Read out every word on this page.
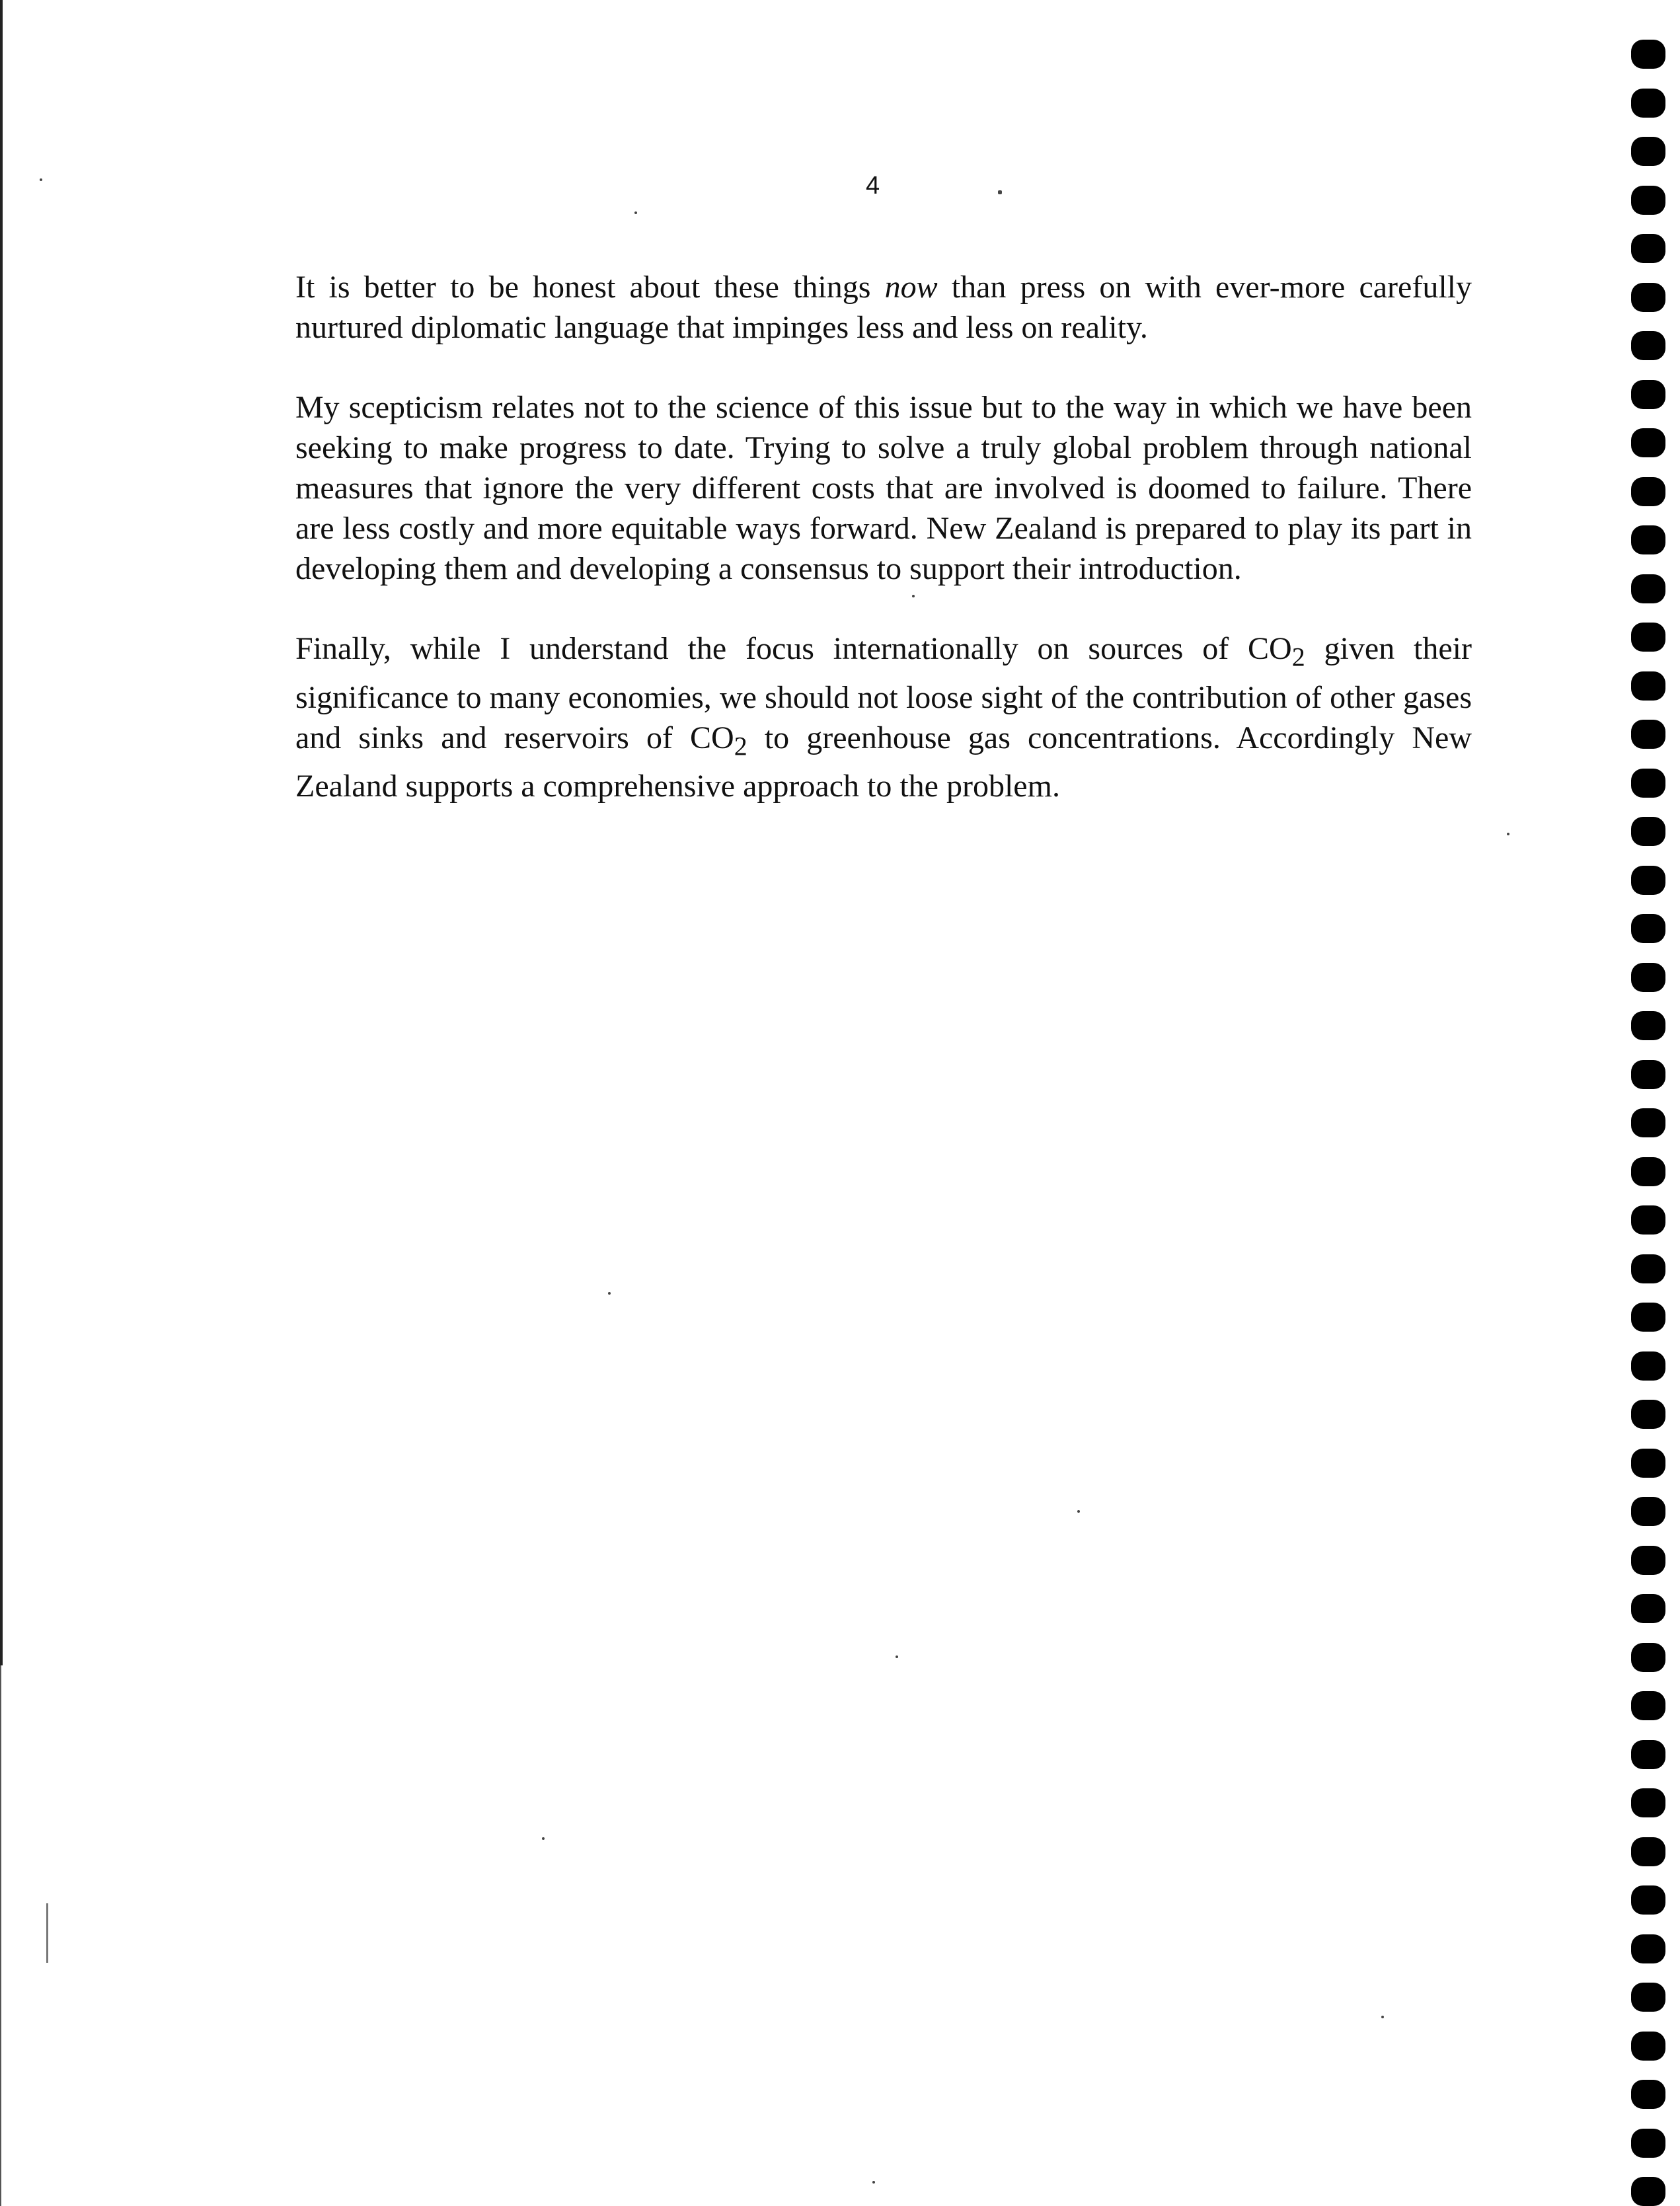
4

It is better to be honest about these things now than press on with ever-more carefully nurtured diplomatic language that impinges less and less on reality.

My scepticism relates not to the science of this issue but to the way in which we have been seeking to make progress to date. Trying to solve a truly global problem through national measures that ignore the very different costs that are involved is doomed to failure. There are less costly and more equitable ways forward. New Zealand is prepared to play its part in developing them and developing a consensus to support their introduction.

Finally, while I understand the focus internationally on sources of $CO_2$ given their significance to many economies, we should not loose sight of the contribution of other gases and sinks and reservoirs of $CO_2$ to greenhouse gas concentrations. Accordingly New Zealand supports a comprehensive approach to the problem.
